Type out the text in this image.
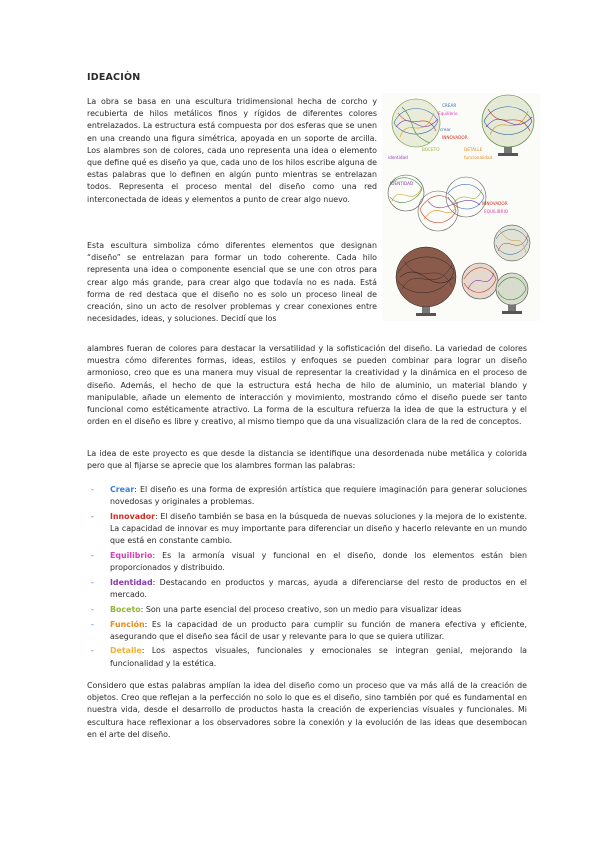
IDEACIÒN

La obra se basa en una escultura tridimensional hecha de corcho y recubierta de hilos metálicos finos y rígidos de diferentes colores entrelazados. La estructura está compuesta por dos esferas que se unen en una creando una figura simétrica, apoyada en un soporte de arcilla. Los alambres son de colores, cada uno representa una idea o elemento que define qué es diseño ya que, cada uno de los hilos escribe alguna de estas palabras que lo definen en algún punto mientras se entrelazan todos. Representa el proceso mental del diseño como una red interconectada de ideas y elementos a punto de crear algo nuevo.

CREAR
Equilibrio
crear
INNOVADOR
BOCETO	DETALLE
funcionalidad
identidad
IDENTIDAD
INNOVADOR
EQUILIBRIO

Esta escultura simboliza cómo diferentes elementos que designan “diseño” se entrelazan para formar un todo coherente. Cada hilo representa una idea o componente esencial que se une con otros para crear algo más grande, para crear algo que todavía no es nada. Está forma de red destaca que el diseño no es solo un proceso lineal de creación, sino un acto de resolver problemas y crear conexiones entre necesidades, ideas, y soluciones. Decidí que los

alambres fueran de colores para destacar la versatilidad y la sofisticación del diseño. La variedad de colores muestra cómo diferentes formas, ideas, estilos y enfoques se pueden combinar para lograr un diseño armonioso, creo que es una manera muy visual de representar la creatividad y la dinámica en el proceso de diseño. Además, el hecho de que la estructura está hecha de hilo de aluminio, un material blando y manipulable, añade un elemento de interacción y movimiento, mostrando cómo el diseño puede ser tanto funcional como estéticamente atractivo. La forma de la escultura refuerza la idea de que la estructura y el orden en el diseño es libre y creativo, al mismo tiempo que da una visualización clara de la red de conceptos.

La idea de este proyecto es que desde la distancia se identifique una desordenada nube metálica y colorida pero que al fijarse se aprecie que los alambres forman las palabras:

- Crear: El diseño es una forma de expresión artística que requiere imaginación para generar soluciones novedosas y originales a problemas.
- Innovador: El diseño también se basa en la búsqueda de nuevas soluciones y la mejora de lo existente. La capacidad de innovar es muy importante para diferenciar un diseño y hacerlo relevante en un mundo que está en constante cambio.
- Equilibrio: Es la armonía visual y funcional en el diseño, donde los elementos están bien proporcionados y distribuido.
- Identidad: Destacando en productos y marcas, ayuda a diferenciarse del resto de productos en el mercado.
- Boceto: Son una parte esencial del proceso creativo, son un medio para visualizar ideas
- Función: Es la capacidad de un producto para cumplir su función de manera efectiva y eficiente, asegurando que el diseño sea fácil de usar y relevante para lo que se quiera utilizar.
- Detalle: Los aspectos visuales, funcionales y emocionales se integran genial, mejorando la funcionalidad y la estética.

Considero que estas palabras amplían la idea del diseño como un proceso que va más allá de la creación de objetos. Creo que reflejan a la perfección no solo lo que es el diseño, sino también por qué es fundamental en nuestra vida, desde el desarrollo de productos hasta la creación de experiencias visuales y funcionales. Mi escultura hace reflexionar a los observadores sobre la conexión y la evolución de las ideas que desembocan en el arte del diseño.
